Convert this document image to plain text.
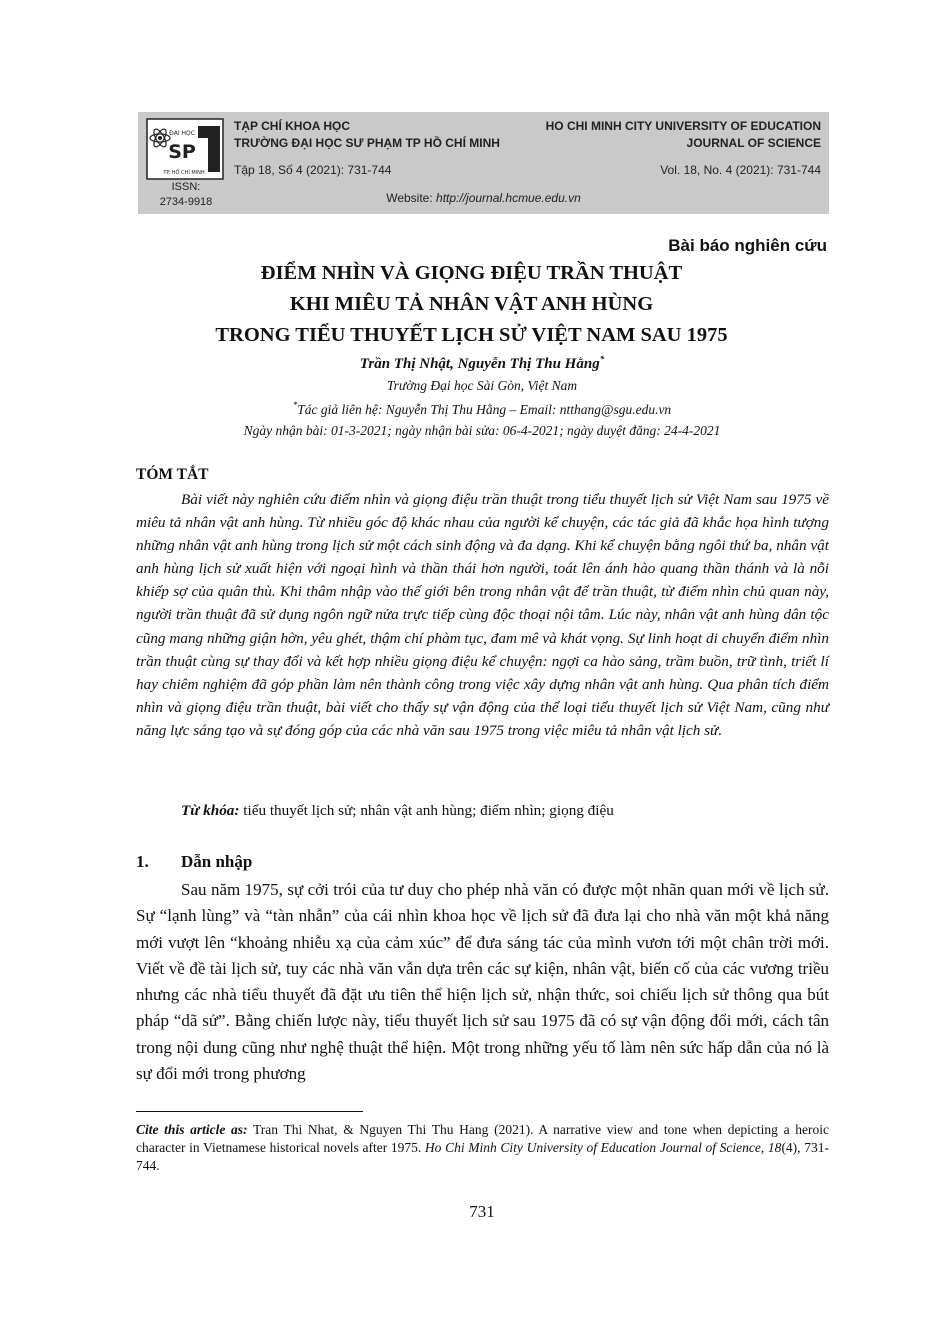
ĐẠI HỌC
SP
TP. HỒ CHÍ MINH
ISSN:
2734-9918
TẠP CHÍ KHOA HỌC
TRƯỜNG ĐẠI HỌC SƯ PHẠM TP HỒ CHÍ MINH
Tập 18, Số 4 (2021): 731-744
HO CHI MINH CITY UNIVERSITY OF EDUCATION
JOURNAL OF SCIENCE
Vol. 18, No. 4 (2021): 731-744
Website: http://journal.hcmue.edu.vn
Bài báo nghiên cứu
ĐIỂM NHÌN VÀ GIỌNG ĐIỆU TRẦN THUẬT
KHI MIÊU TẢ NHÂN VẬT ANH HÙNG
TRONG TIỂU THUYẾT LỊCH SỬ VIỆT NAM SAU 1975
Trần Thị Nhật, Nguyễn Thị Thu Hằng*
Trường Đại học Sài Gòn, Việt Nam
*Tác giả liên hệ: Nguyễn Thị Thu Hằng – Email: ntthang@sgu.edu.vn
Ngày nhận bài: 01-3-2021; ngày nhận bài sửa: 06-4-2021; ngày duyệt đăng: 24-4-2021
TÓM TẮT

Bài viết này nghiên cứu điểm nhìn và giọng điệu trần thuật trong tiểu thuyết lịch sử Việt Nam sau 1975 về miêu tả nhân vật anh hùng. Từ nhiều góc độ khác nhau của người kể chuyện, các tác giả đã khắc họa hình tượng những nhân vật anh hùng trong lịch sử một cách sinh động và đa dạng. Khi kể chuyện bằng ngôi thứ ba, nhân vật anh hùng lịch sử xuất hiện với ngoại hình và thần thái hơn người, toát lên ánh hào quang thần thánh và là nỗi khiếp sợ của quân thù. Khi thâm nhập vào thế giới bên trong nhân vật để trần thuật, từ điểm nhìn chủ quan này, người trần thuật đã sử dụng ngôn ngữ nửa trực tiếp cùng độc thoại nội tâm. Lúc này, nhân vật anh hùng dân tộc cũng mang những giận hờn, yêu ghét, thậm chí phàm tục, đam mê và khát vọng. Sự linh hoạt di chuyển điểm nhìn trần thuật cùng sự thay đổi và kết hợp nhiều giọng điệu kể chuyện: ngợi ca hào sảng, trầm buồn, trữ tình, triết lí hay chiêm nghiệm đã góp phần làm nên thành công trong việc xây dựng nhân vật anh hùng. Qua phân tích điểm nhìn và giọng điệu trần thuật, bài viết cho thấy sự vận động của thể loại tiểu thuyết lịch sử Việt Nam, cũng như năng lực sáng tạo và sự đóng góp của các nhà văn sau 1975 trong việc miêu tả nhân vật lịch sử.

Từ khóa: tiểu thuyết lịch sử; nhân vật anh hùng; điểm nhìn; giọng điệu
1. Dẫn nhập

Sau năm 1975, sự cởi trói của tư duy cho phép nhà văn có được một nhãn quan mới về lịch sử. Sự “lạnh lùng” và “tàn nhẫn” của cái nhìn khoa học về lịch sử đã đưa lại cho nhà văn một khả năng mới vượt lên “khoảng nhiễu xạ của cảm xúc” để đưa sáng tác của mình vươn tới một chân trời mới. Viết về đề tài lịch sử, tuy các nhà văn vẫn dựa trên các sự kiện, nhân vật, biến cố của các vương triều nhưng các nhà tiểu thuyết đã đặt ưu tiên thể hiện lịch sử, nhận thức, soi chiếu lịch sử thông qua bút pháp “dã sử”. Bằng chiến lược này, tiểu thuyết lịch sử sau 1975 đã có sự vận động đổi mới, cách tân trong nội dung cũng như nghệ thuật thể hiện. Một trong những yếu tố làm nên sức hấp dẫn của nó là sự đổi mới trong phương

Cite this article as: Tran Thi Nhat, & Nguyen Thi Thu Hang (2021). A narrative view and tone when depicting a heroic character in Vietnamese historical novels after 1975. Ho Chi Minh City University of Education Journal of Science, 18(4), 731-744.

731
